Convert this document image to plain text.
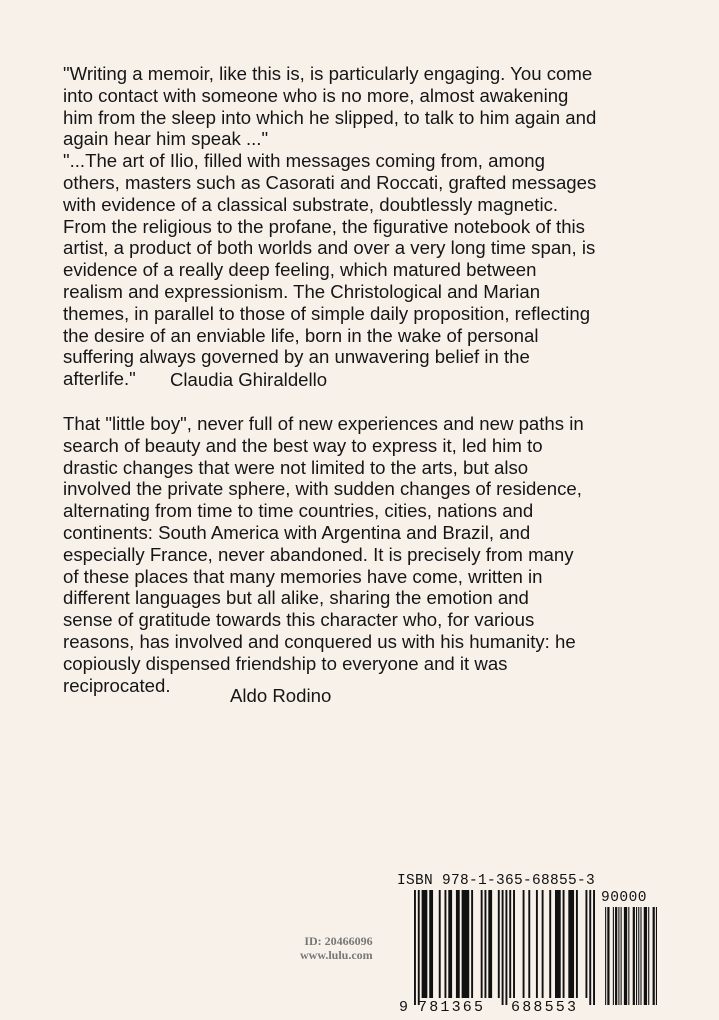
"Writing a memoir, like this is, is particularly engaging. You come

into contact with someone who is no more, almost awakening

him from the sleep into which he slipped, to talk to him again and

again hear him speak ..."

"...The art of Ilio, filled with messages coming from, among

others, masters such as Casorati and Roccati, grafted messages

with evidence of a classical substrate, doubtlessly magnetic.

From the religious to the profane, the figurative notebook of this

artist, a product of both worlds and over a very long time span, is

evidence of a really deep feeling, which matured between

realism and expressionism. The Christological and Marian

themes, in parallel to those of simple daily proposition, reflecting

the desire of an enviable life, born in the wake of personal

suffering always governed by an unwavering belief in the

afterlife."	Claudia Ghiraldello

That "little boy", never full of new experiences and new paths in

search of beauty and the best way to express it, led him to

drastic changes that were not limited to the arts, but also

involved the private sphere, with sudden changes of residence,

alternating from time to time countries, cities, nations and

continents: South America with Argentina and Brazil, and

especially France, never abandoned. It is precisely from many

of these places that many memories have come, written in

different languages but all alike, sharing the emotion and

sense of gratitude towards this character who, for various

reasons, has involved and conquered us with his humanity: he

copiously dispensed friendship to everyone and it was

reciprocated.	Aldo Rodino
ID: 20466096
www.lulu.com
ISBN 978-1-365-68855-3
90000
9 781365 688553
